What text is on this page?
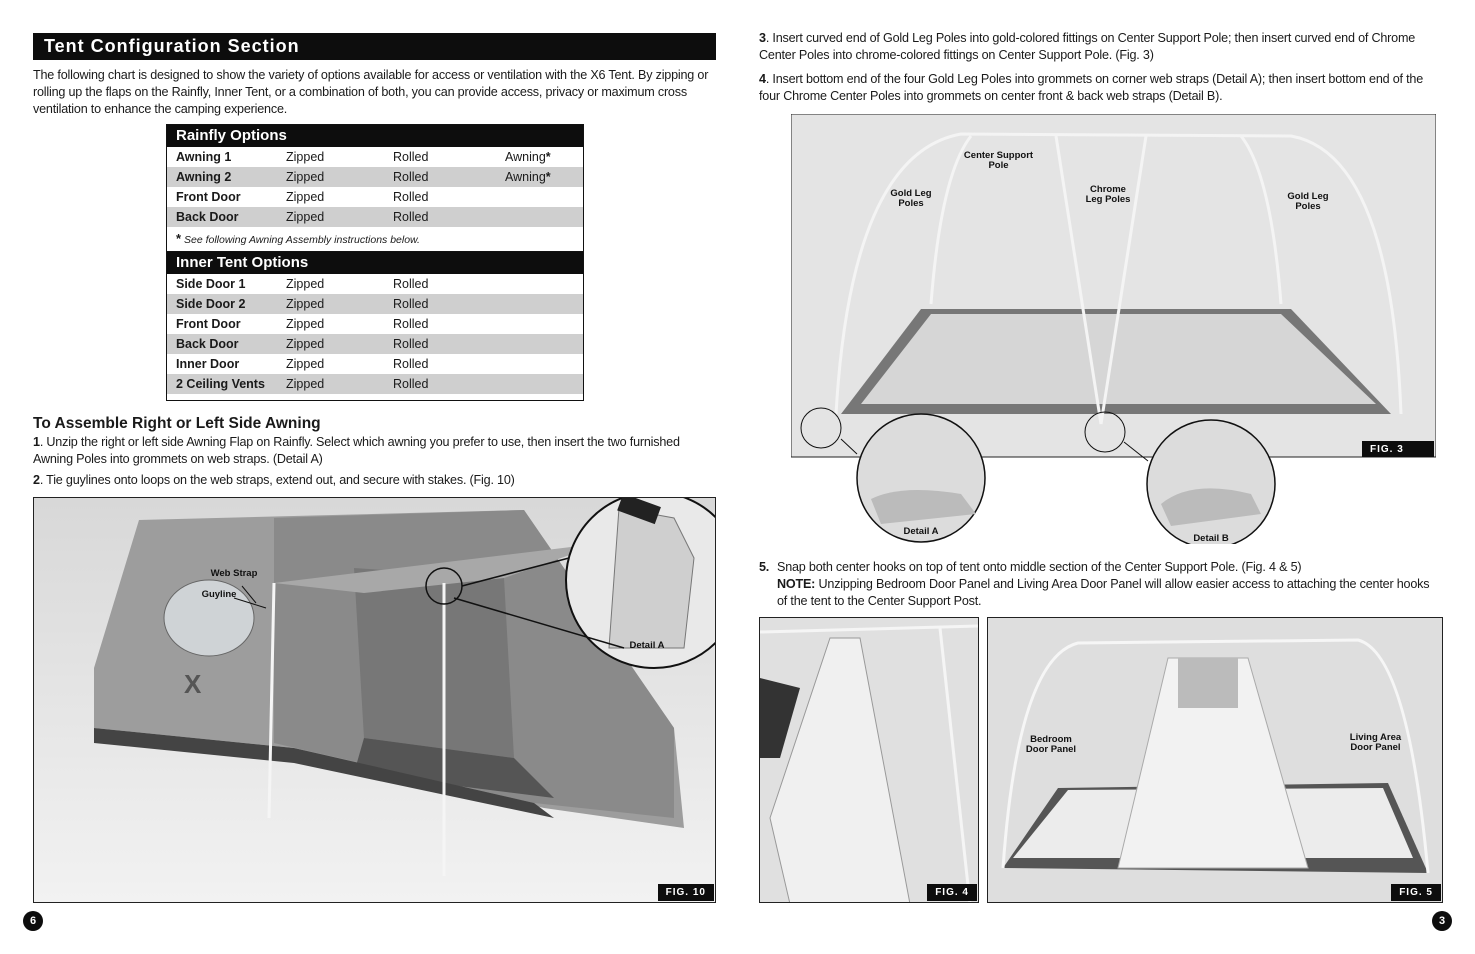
Tent Configuration Section
The following chart is designed to show the variety of options available for access or ventilation with the X6 Tent. By zipping or rolling up the flaps on the Rainfly, Inner Tent, or a combination of both, you can provide access, privacy or maximum cross ventilation to enhance the camping experience.
Rainfly Options
Awning 1	Zipped	Rolled	Awning*
Awning 2	Zipped	Rolled	Awning*
Front Door	Zipped	Rolled
Back Door	Zipped	Rolled
* See following Awning Assembly instructions below.
Inner Tent Options
Side Door 1	Zipped	Rolled
Side Door 2	Zipped	Rolled
Front Door	Zipped	Rolled
Back Door	Zipped	Rolled
Inner Door	Zipped	Rolled
2 Ceiling Vents	Zipped	Rolled
To Assemble Right or Left Side Awning
1. Unzip the right or left side Awning Flap on Rainfly. Select which awning you prefer to use, then insert the two furnished Awning Poles into grommets on web straps. (Detail A)
2. Tie guylines onto loops on the web straps, extend out, and secure with stakes. (Fig. 10)
X
Web Strap
Guyline
Detail A
FIG. 10
6
3. Insert curved end of Gold Leg Poles into gold-colored fittings on Center Support Pole; then insert curved end of Chrome Center Poles into chrome-colored fittings on Center Support Pole. (Fig. 3)
4. Insert bottom end of the four Gold Leg Poles into grommets on corner web straps (Detail A); then insert bottom end of the four Chrome Center Poles into grommets on center front & back web straps (Detail B).
Gold Leg Poles
Center Support Pole
Chrome Leg Poles	Gold Leg Poles
Detail A
Detail B
FIG. 3
5. Snap both center hooks on top of tent onto middle section of the Center Support Pole. (Fig. 4 & 5)
NOTE: Unzipping Bedroom Door Panel and Living Area Door Panel will allow easier access to attaching the center hooks of the tent to the Center Support Post.
FIG. 4
Bedroom Door Panel
Living Area Door Panel
FIG. 5
3
